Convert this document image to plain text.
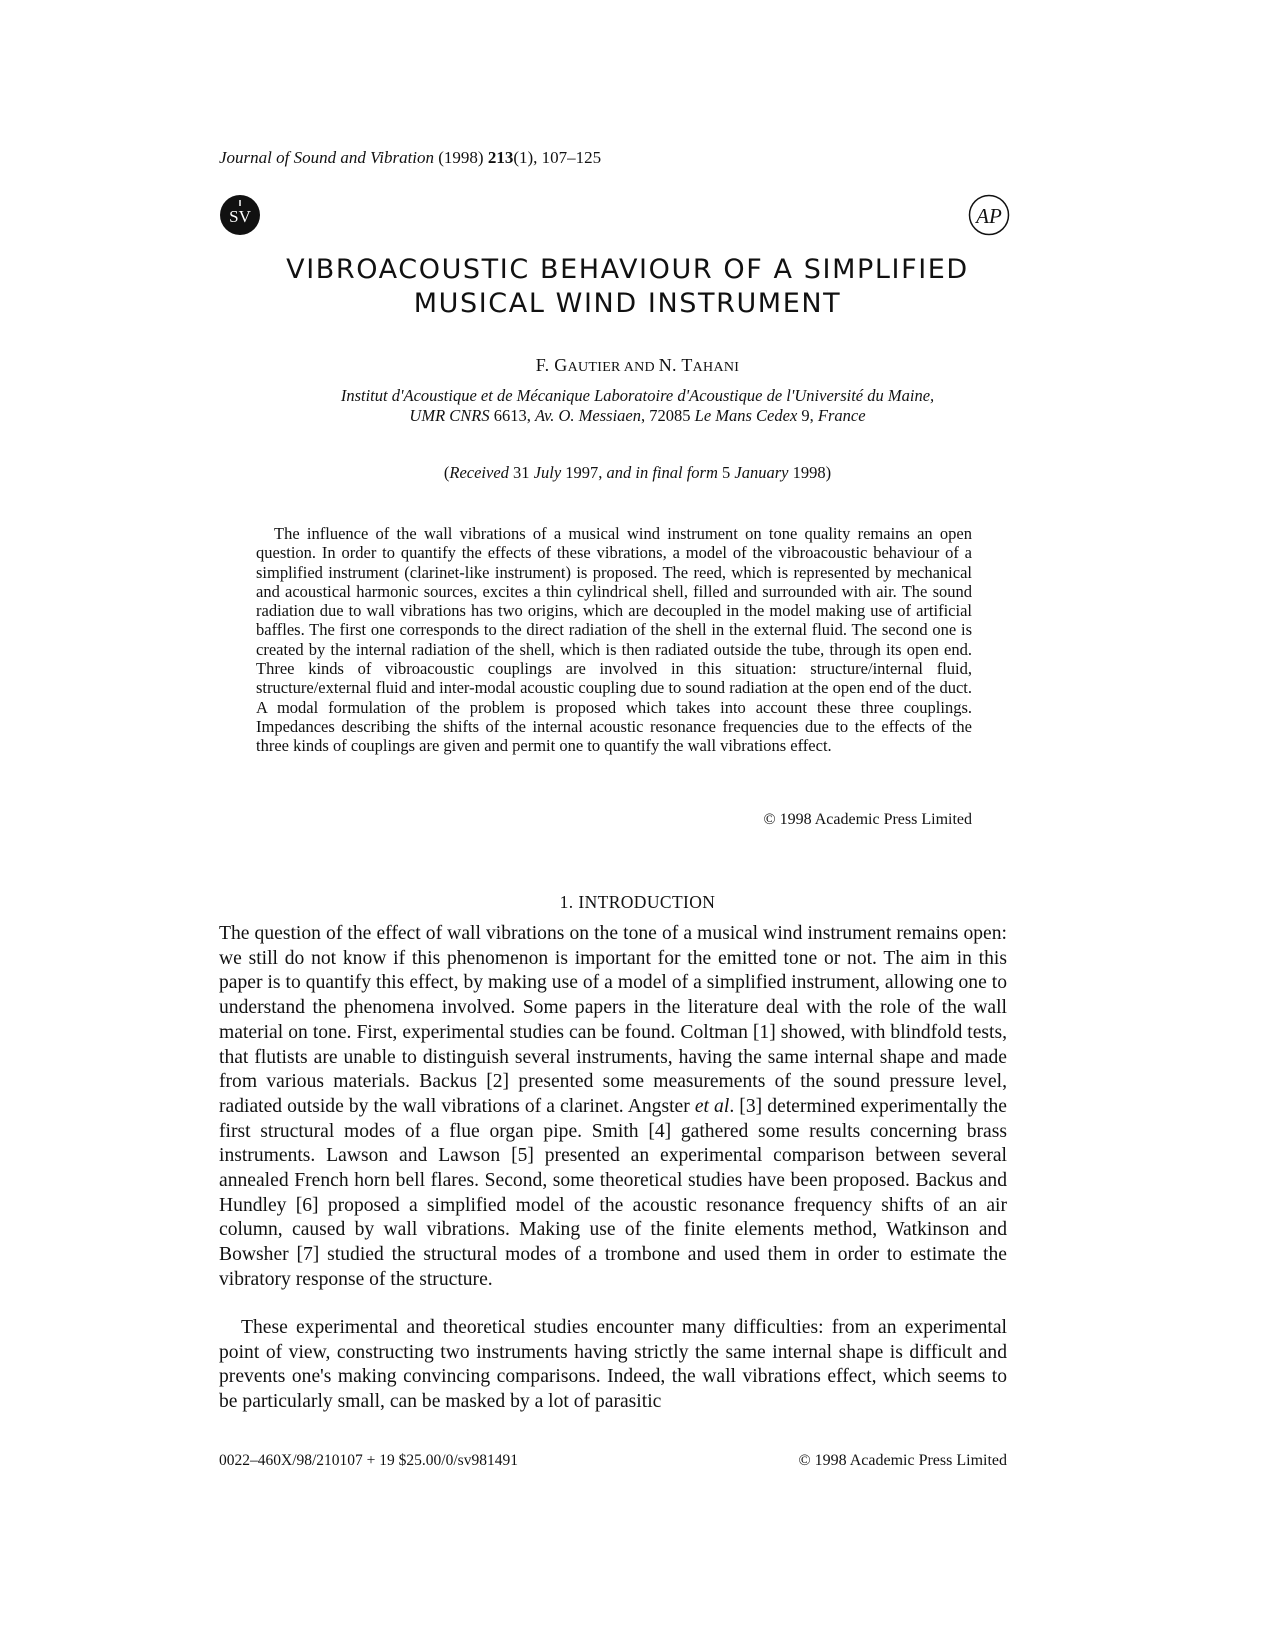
Journal of Sound and Vibration (1998) 213(1), 107–125
SV	AP
VIBROACOUSTIC BEHAVIOUR OF A SIMPLIFIED
MUSICAL WIND INSTRUMENT
F. GAUTIER AND N. TAHANI
Institut d'Acoustique et de Mécanique Laboratoire d'Acoustique de l'Université du Maine,
UMR CNRS 6613, Av. O. Messiaen, 72085 Le Mans Cedex 9, France
(Received 31 July 1997, and in final form 5 January 1998)

The influence of the wall vibrations of a musical wind instrument on tone quality remains an open question. In order to quantify the effects of these vibrations, a model of the vibroacoustic behaviour of a simplified instrument (clarinet-like instrument) is proposed. The reed, which is represented by mechanical and acoustical harmonic sources, excites a thin cylindrical shell, filled and surrounded with air. The sound radiation due to wall vibrations has two origins, which are decoupled in the model making use of artificial baffles. The first one corresponds to the direct radiation of the shell in the external fluid. The second one is created by the internal radiation of the shell, which is then radiated outside the tube, through its open end. Three kinds of vibroacoustic couplings are involved in this situation: structure/internal fluid, structure/external fluid and inter-modal acoustic coupling due to sound radiation at the open end of the duct. A modal formulation of the problem is proposed which takes into account these three couplings. Impedances describing the shifts of the internal acoustic resonance frequencies due to the effects of the three kinds of couplings are given and permit one to quantify the wall vibrations effect.

© 1998 Academic Press Limited
1. INTRODUCTION

The question of the effect of wall vibrations on the tone of a musical wind instrument remains open: we still do not know if this phenomenon is important for the emitted tone or not. The aim in this paper is to quantify this effect, by making use of a model of a simplified instrument, allowing one to understand the phenomena involved. Some papers in the literature deal with the role of the wall material on tone. First, experimental studies can be found. Coltman [1] showed, with blindfold tests, that flutists are unable to distinguish several instruments, having the same internal shape and made from various materials. Backus [2] presented some measurements of the sound pressure level, radiated outside by the wall vibrations of a clarinet. Angster et al. [3] determined experimentally the first structural modes of a flue organ pipe. Smith [4] gathered some results concerning brass instruments. Lawson and Lawson [5] presented an experimental comparison between several annealed French horn bell flares. Second, some theoretical studies have been proposed. Backus and Hundley [6] proposed a simplified model of the acoustic resonance frequency shifts of an air column, caused by wall vibrations. Making use of the finite elements method, Watkinson and Bowsher [7] studied the structural modes of a trombone and used them in order to estimate the vibratory response of the structure.

These experimental and theoretical studies encounter many difficulties: from an experimental point of view, constructing two instruments having strictly the same internal shape is difficult and prevents one's making convincing comparisons. Indeed, the wall vibrations effect, which seems to be particularly small, can be masked by a lot of parasitic

0022–460X/98/210107 + 19 $25.00/0/sv981491	© 1998 Academic Press Limited
